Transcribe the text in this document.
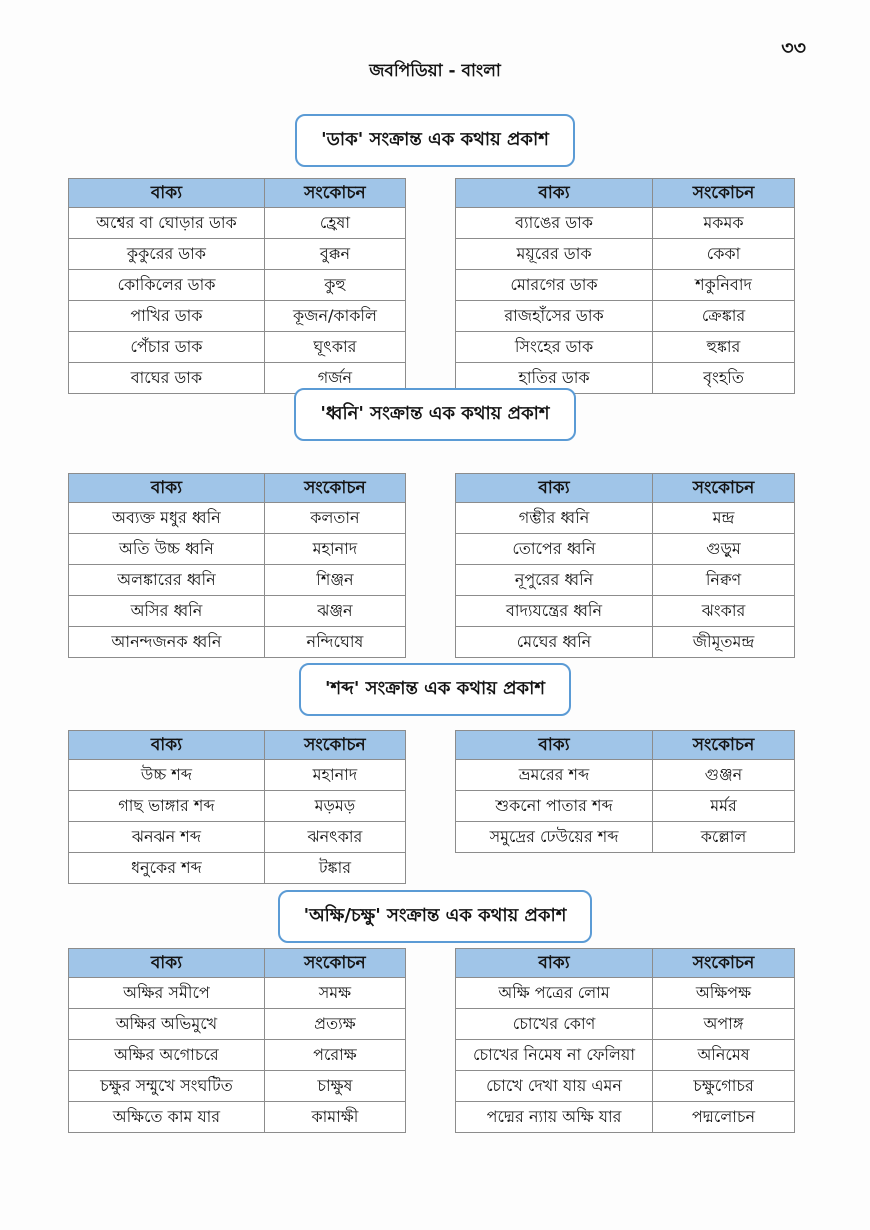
৩৩
জবপিডিয়া - বাংলা
'ডাক' সংক্রান্ত এক কথায় প্রকাশ
বাক্য	সংকোচন
অশ্বের বা ঘোড়ার ডাক	হ্রেষা
কুকুরের ডাক	বুক্কন
কোকিলের ডাক	কুহু
পাখির ডাক	কূজন/কাকলি
পেঁচার ডাক	ঘূৎকার
বাঘের ডাক	গর্জন
বাক্য	সংকোচন
ব্যাঙের ডাক	মকমক
ময়ূরের ডাক	কেকা
মোরগের ডাক	শকুনিবাদ
রাজহাঁসের ডাক	ক্রেঙ্কার
সিংহের ডাক	হুঙ্কার
হাতির ডাক	বৃংহতি
'ধ্বনি' সংক্রান্ত এক কথায় প্রকাশ
বাক্য	সংকোচন
অব্যক্ত মধুর ধ্বনি	কলতান
অতি উচ্চ ধ্বনি	মহানাদ
অলঙ্কারের ধ্বনি	শিঞ্জন
অসির ধ্বনি	ঝঞ্জন
আনন্দজনক ধ্বনি	নন্দিঘোষ
বাক্য	সংকোচন
গম্ভীর ধ্বনি	মন্দ্র
তোপের ধ্বনি	গুড়ুম
নূপুরের ধ্বনি	নিক্বণ
বাদ্যযন্ত্রের ধ্বনি	ঝংকার
মেঘের ধ্বনি	জীমূতমন্দ্র
'শব্দ' সংক্রান্ত এক কথায় প্রকাশ
বাক্য	সংকোচন
উচ্চ শব্দ	মহানাদ
গাছ ভাঙ্গার শব্দ	মড়মড়
ঝনঝন শব্দ	ঝনৎকার
ধনুকের শব্দ	টঙ্কার
বাক্য	সংকোচন
ভ্রমরের শব্দ	গুঞ্জন
শুকনো পাতার শব্দ	মর্মর
সমুদ্রের ঢেউয়ের শব্দ	কল্লোল
'অক্ষি/চক্ষু' সংক্রান্ত এক কথায় প্রকাশ
বাক্য	সংকোচন
অক্ষির সমীপে	সমক্ষ
অক্ষির অভিমুখে	প্রত্যক্ষ
অক্ষির অগোচরে	পরোক্ষ
চক্ষুর সম্মুখে সংঘটিত	চাক্ষুষ
অক্ষিতে কাম যার	কামাক্ষী
বাক্য	সংকোচন
অক্ষি পত্রের লোম	অক্ষিপক্ষ
চোখের কোণ	অপাঙ্গ
চোখের নিমেষ না ফেলিয়া	অনিমেষ
চোখে দেখা যায় এমন	চক্ষুগোচর
পদ্মের ন্যায় অক্ষি যার	পদ্মলোচন
